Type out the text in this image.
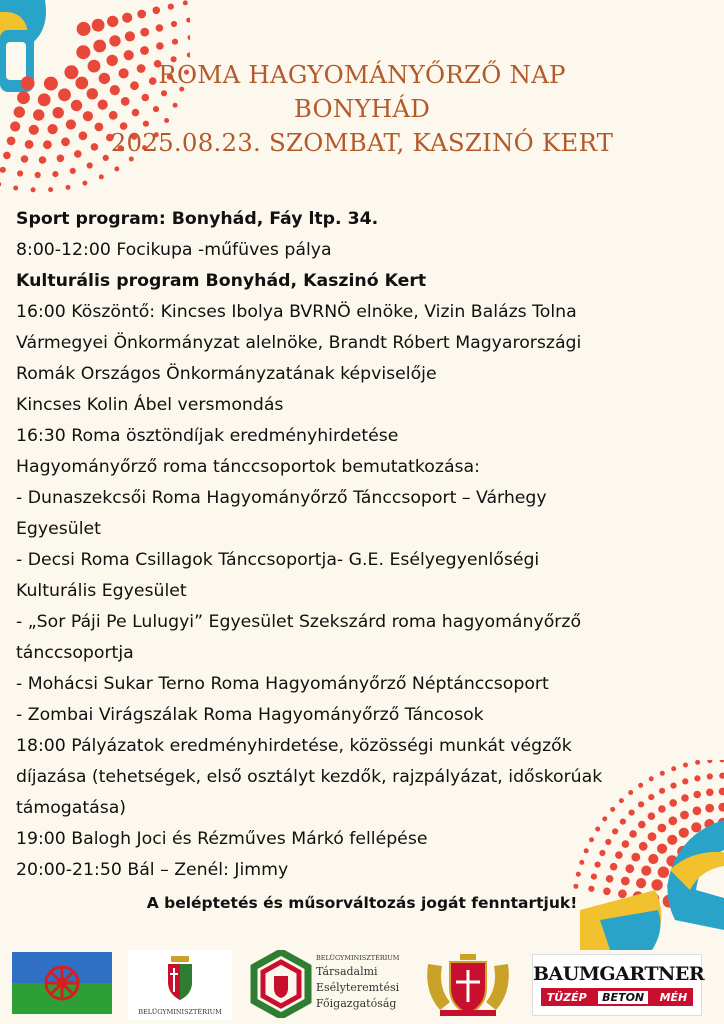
ROMA HAGYOMÁNYŐRZŐ NAP
BONYHÁD
2025.08.23. SZOMBAT, KASZINÓ KERT
Sport program: Bonyhád, Fáy ltp. 34.
8:00-12:00 Focikupa -műfüves pálya
Kulturális program Bonyhád, Kaszinó Kert
16:00 Köszöntő: Kincses Ibolya BVRNÖ elnöke, Vizin Balázs Tolna
Vármegyei Önkormányzat alelnöke, Brandt Róbert Magyarországi
Romák Országos Önkormányzatának képviselője
Kincses Kolin Ábel versmondás
16:30 Roma ösztöndíjak eredményhirdetése
Hagyományőrző roma tánccsoportok bemutatkozása:
- Dunaszekcsői Roma Hagyományőrző Tánccsoport – Várhegy
Egyesület
- Decsi Roma Csillagok Tánccsoportja- G.E. Esélyegyenlőségi
Kulturális Egyesület
- „Sor Páji Pe Lulugyi” Egyesület Szekszárd roma hagyományőrző
tánccsoportja
- Mohácsi Sukar Terno Roma Hagyományőrző Néptánccsoport
- Zombai Virágszálak Roma Hagyományőrző Táncosok
18:00 Pályázatok eredményhirdetése, közösségi munkát végzők
díjazása (tehetségek, első osztályt kezdők, rajzpályázat, időskorúak
támogatása)
19:00 Balogh Joci és Rézműves Márkó fellépése
20:00-21:50 Bál – Zenél: Jimmy
A beléptetés és műsorváltozás jogát fenntartjuk!
BELÜGYMINISZTÉRIUM
BELÜGYMINISZTÉRIUM
Társadalmi
Esélyteremtési
Főigazgatóság
BAUMGARTNER
TÜZÉP	BETON	MÉH
